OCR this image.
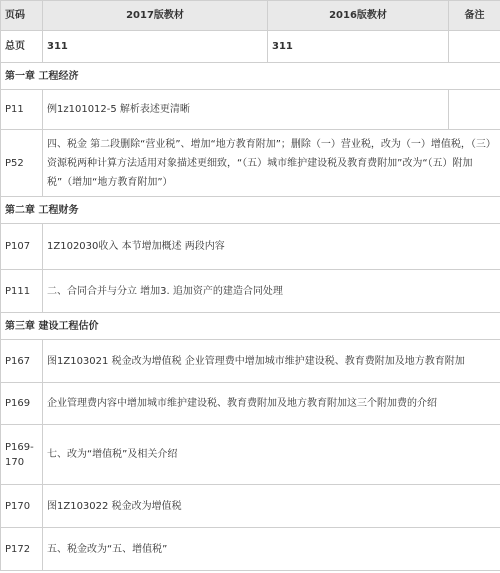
页码	2017版教材	2016版教材	备注
总页	311	311	
第一章 工程经济			
P11	例1z101012-5 解析表述更清晰		
P52	四、税金 第二段删除“营业税”、增加“地方教育附加”；删除（一）营业税，改为（一）增值税，（三）资源税两种计算方法适用对象描述更细致，“（五）城市维护建设税及教育费附加”改为“（五）附加税”（增加“地方教育附加”）		
第二章 工程财务			
P107	1Z102030收入 本节增加概述 两段内容		
P111	二、合同合并与分立 增加3. 追加资产的建造合同处理		
第三章 建设工程估价			
P167	图1Z103021 税金改为增值税 企业管理费中增加城市维护建设税、教育费附加及地方教育附加		
P169	企业管理费内容中增加城市维护建设税、教育费附加及地方教育附加这三个附加费的介绍		
P169-170	七、改为“增值税”及相关介绍		
P170	图1Z103022 税金改为增值税		
P172	五、税金改为“五、增值税”		
